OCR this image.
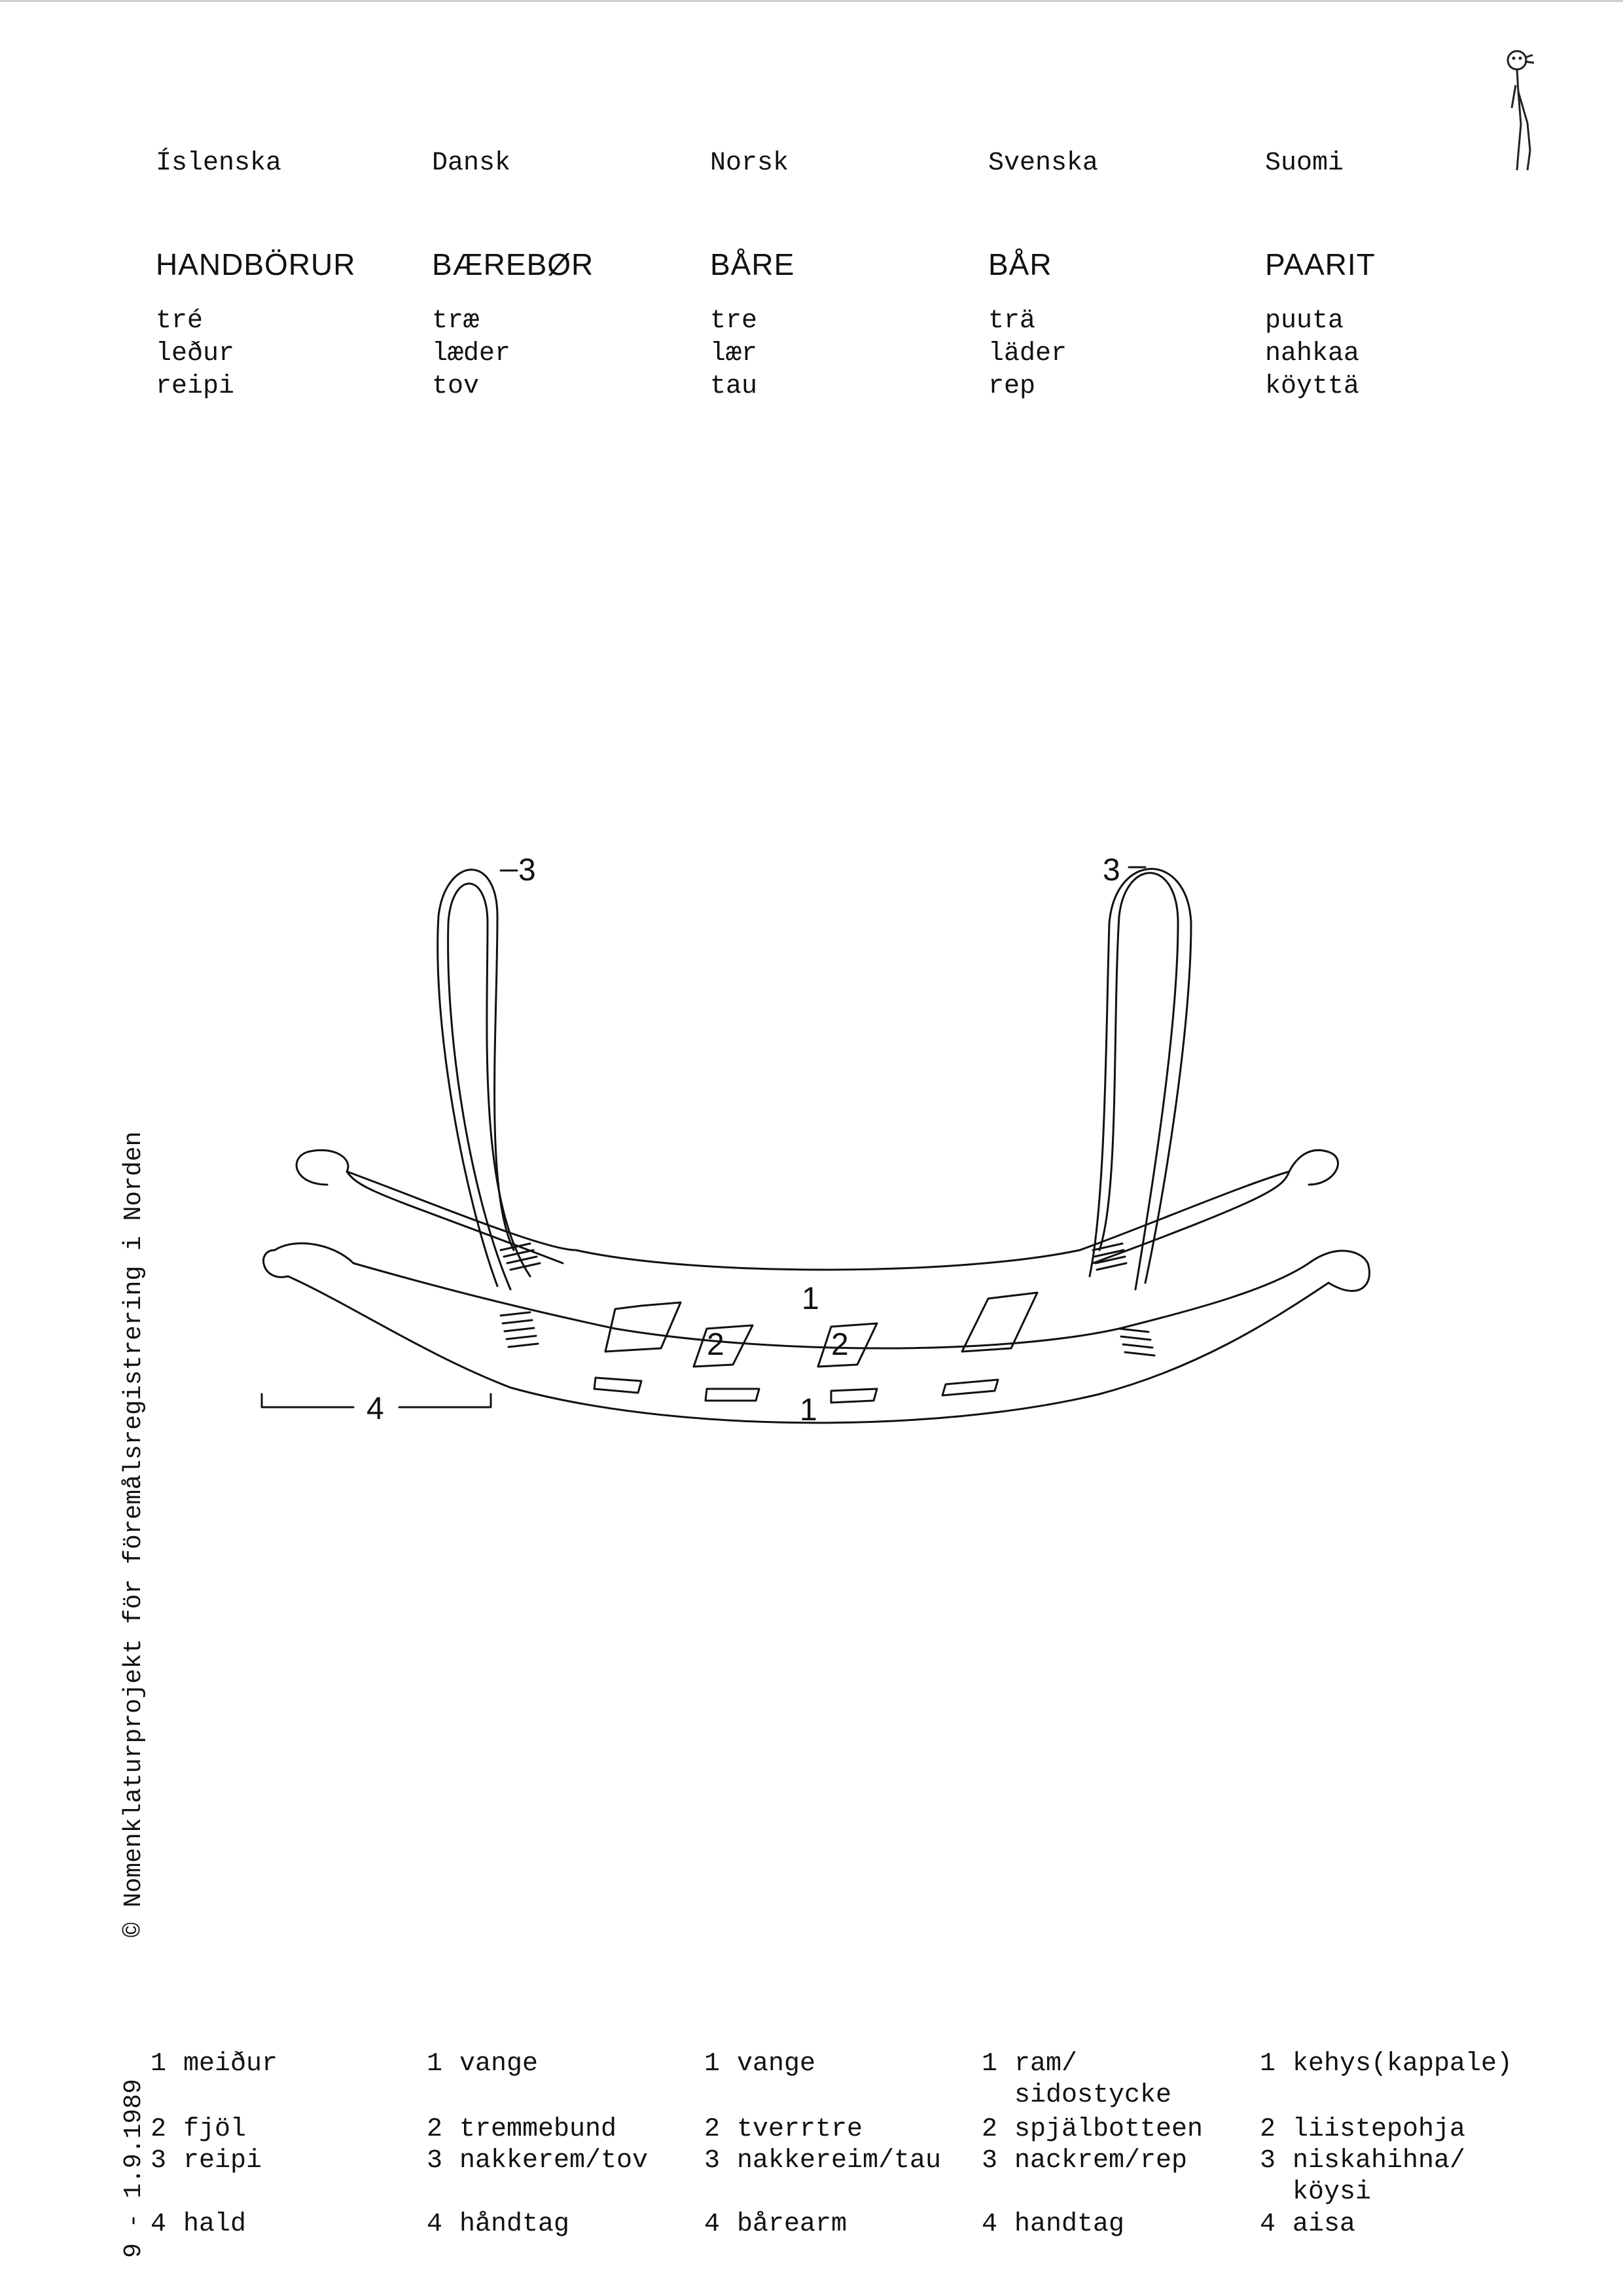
Íslenska
HANDBÖRUR
tré
leður
reipi
Dansk
BÆREBØR
træ
læder
tov
Norsk
BÅRE
tre
lær
tau
Svenska
BÅR
trä
läder
rep
Suomi
PAARIT
puuta
nahkaa
köyttä
© Nomenklaturprojekt för föremålsregistrering i Norden
9 - 1.9.1989
3	3
1
1
2	2
4
1 meiður
2 fjöl
3 reipi
4 hald
1 vange
2 tremmebund
3 nakkerem/tov
4 håndtag
1 vange
2 tverrtre
3 nakkereim/tau
4 bårearm
1 ram/
sidostycke
2 spjälbotteen
3 nackrem/rep
4 handtag
1 kehys(kappale)
2 liistepohja
3 niskahihna/
köysi
4 aisa
